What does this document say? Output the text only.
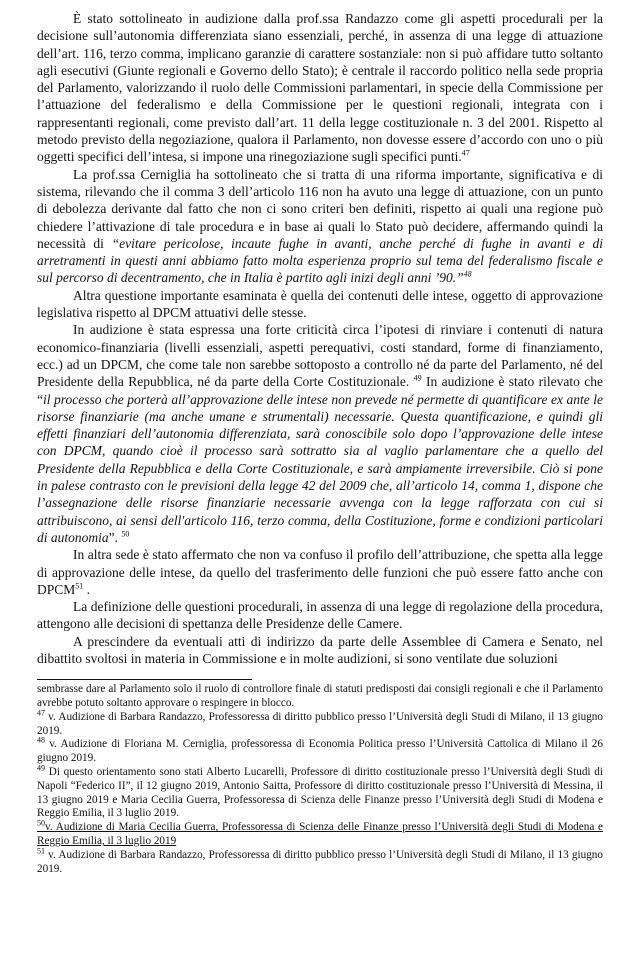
È stato sottolineato in audizione dalla prof.ssa Randazzo come gli aspetti procedurali per la decisione sull’autonomia differenziata siano essenziali, perché, in assenza di una legge di attuazione dell’art. 116, terzo comma, implicano garanzie di carattere sostanziale: non si può affidare tutto soltanto agli esecutivi (Giunte regionali e Governo dello Stato); è centrale il raccordo politico nella sede propria del Parlamento, valorizzando il ruolo delle Commissioni parlamentari, in specie della Commissione per l’attuazione del federalismo e della Commissione per le questioni regionali, integrata con i rappresentanti regionali, come previsto dall’art. 11 della legge costituzionale n. 3 del 2001. Rispetto al metodo previsto della negoziazione, qualora il Parlamento, non dovesse essere d’accordo con uno o più oggetti specifici dell’intesa, si impone una rinegoziazione sugli specifici punti.$^{47}$

La prof.ssa Cerniglia ha sottolineato che si tratta di una riforma importante, significativa e di sistema, rilevando che il comma 3 dell’articolo 116 non ha avuto una legge di attuazione, con un punto di debolezza derivante dal fatto che non ci sono criteri ben definiti, rispetto ai quali una regione può chiedere l’attivazione di tale procedura e in base ai quali lo Stato può decidere, affermando quindi la necessità di “evitare pericolose, incaute fughe in avanti, anche perché di fughe in avanti e di arretramenti in questi anni abbiamo fatto molta esperienza proprio sul tema del federalismo fiscale e sul percorso di decentramento, che in Italia è partito agli inizi degli anni ’90.”$^{48}$

Altra questione importante esaminata è quella dei contenuti delle intese, oggetto di approvazione legislativa rispetto al DPCM attuativi delle stesse.

In audizione è stata espressa una forte criticità circa l’ipotesi di rinviare i contenuti di natura economico-finanziaria (livelli essenziali, aspetti perequativi, costi standard, forme di finanziamento, ecc.) ad un DPCM, che come tale non sarebbe sottoposto a controllo né da parte del Parlamento, né del Presidente della Repubblica, né da parte della Corte Costituzionale. $^{49}$ In audizione è stato rilevato che “il processo che porterà all’approvazione delle intese non prevede né permette di quantificare ex ante le risorse finanziarie (ma anche umane e strumentali) necessarie. Questa quantificazione, e quindi gli effetti finanziari dell’autonomia differenziata, sarà conoscibile solo dopo l’approvazione delle intese con DPCM, quando cioè il processo sarà sottratto sia al vaglio parlamentare che a quello del Presidente della Repubblica e della Corte Costituzionale, e sarà ampiamente irreversibile. Ciò si pone in palese contrasto con le previsioni della legge 42 del 2009 che, all’articolo 14, comma 1, dispone che l’assegnazione delle risorse finanziarie necessarie avvenga con la legge rafforzata con cui si attribuiscono, ai sensi dell'articolo 116, terzo comma, della Costituzione, forme e condizioni particolari di autonomia”. $^{50}$

In altra sede è stato affermato che non va confuso il profilo dell’attribuzione, che spetta alla legge di approvazione delle intese, da quello del trasferimento delle funzioni che può essere fatto anche con DPCM$^{51}$ .

La definizione delle questioni procedurali, in assenza di una legge di regolazione della procedura, attengono alle decisioni di spettanza delle Presidenze delle Camere.

A prescindere da eventuali atti di indirizzo da parte delle Assemblee di Camera e Senato, nel dibattito svoltosi in materia in Commissione e in molte audizioni, si sono ventilate due soluzioni

sembrasse dare al Parlamento solo il ruolo di controllore finale di statuti predisposti dai consigli regionali e che il Parlamento avrebbe potuto soltanto approvare o respingere in blocco.

$^{47}$ v. Audizione di Barbara Randazzo, Professoressa di diritto pubblico presso l’Università degli Studi di Milano, il 13 giugno 2019.

$^{48}$ v. Audizione di Floriana M. Cerniglia, professoressa di Economia Politica presso l’Università Cattolica di Milano il 26 giugno 2019.

$^{49}$ Di questo orientamento sono stati Alberto Lucarelli, Professore di diritto costituzionale presso l’Università degli Studi di Napoli “Federico II”, il 12 giugno 2019, Antonio Saitta, Professore di diritto costituzionale presso l’Università di Messina, il 13 giugno 2019 e Maria Cecilia Guerra, Professoressa di Scienza delle Finanze presso l’Università degli Studi di Modena e Reggio Emilia, il 3 luglio 2019.

$^{50}$v. Audizione di Maria Cecilia Guerra, Professoressa di Scienza delle Finanze presso l’Università degli Studi di Modena e Reggio Emilia, il 3 luglio 2019

$^{51}$ v. Audizione di Barbara Randazzo, Professoressa di diritto pubblico presso l’Università degli Studi di Milano, il 13 giugno 2019.
